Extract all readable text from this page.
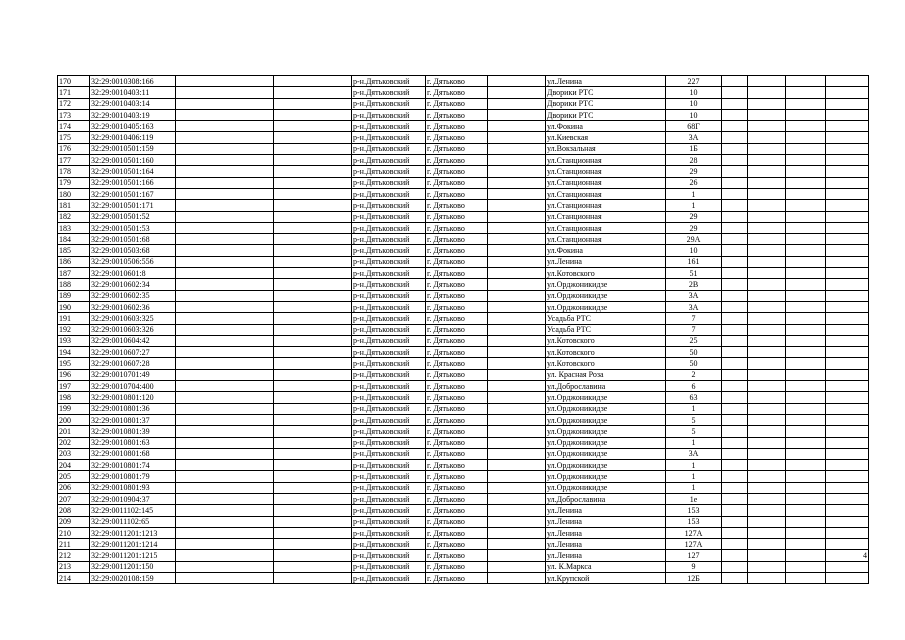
170	32:29:0010308:166			р-н.Дятьковский	г. Дятьково		ул.Ленина	227				
171	32:29:0010403:11			р-н.Дятьковский	г. Дятьково		Дворики РТС	10				
172	32:29:0010403:14			р-н.Дятьковский	г. Дятьково		Дворики РТС	10				
173	32:29:0010403:19			р-н.Дятьковский	г. Дятьково		Дворики РТС	10				
174	32:29:0010405:163			р-н.Дятьковский	г. Дятьково		ул.Фокина	68Г				
175	32:29:0010406:119			р-н.Дятьковский	г. Дятьково		ул.Киевская	3А				
176	32:29:0010501:159			р-н.Дятьковский	г. Дятьково		ул.Вокзальная	1Б				
177	32:29:0010501:160			р-н.Дятьковский	г. Дятьково		ул.Станционная	28				
178	32:29:0010501:164			р-н.Дятьковский	г. Дятьково		ул.Станционная	29				
179	32:29:0010501:166			р-н.Дятьковский	г. Дятьково		ул.Станционная	26				
180	32:29:0010501:167			р-н.Дятьковский	г. Дятьково		ул.Станционная	1				
181	32:29:0010501:171			р-н.Дятьковский	г. Дятьково		ул.Станционная	1				
182	32:29:0010501:52			р-н.Дятьковский	г. Дятьково		ул.Станционная	29				
183	32:29:0010501:53			р-н.Дятьковский	г. Дятьково		ул.Станционная	29				
184	32:29:0010501:68			р-н.Дятьковский	г. Дятьково		ул.Станционная	29А				
185	32:29:0010503:68			р-н.Дятьковский	г. Дятьково		ул.Фокина	10				
186	32:29:0010506:556			р-н.Дятьковский	г. Дятьково		ул.Ленина	161				
187	32:29:0010601:8			р-н.Дятьковский	г. Дятьково		ул.Котовского	51				
188	32:29:0010602:34			р-н.Дятьковский	г. Дятьково		ул.Орджоникидзе	2В				
189	32:29:0010602:35			р-н.Дятьковский	г. Дятьково		ул.Орджоникидзе	3А				
190	32:29:0010602:36			р-н.Дятьковский	г. Дятьково		ул.Орджоникидзе	3А				
191	32:29:0010603:325			р-н.Дятьковский	г. Дятьково		Усадьба РТС	7				
192	32:29:0010603:326			р-н.Дятьковский	г. Дятьково		Усадьба РТС	7				
193	32:29:0010604:42			р-н.Дятьковский	г. Дятьково		ул.Котовского	25				
194	32:29:0010607:27			р-н.Дятьковский	г. Дятьково		ул.Котовского	50				
195	32:29:0010607:28			р-н.Дятьковский	г. Дятьково		ул.Котовского	50				
196	32:29:0010701:49			р-н.Дятьковский	г. Дятьково		ул. Красная Роза	2				
197	32:29:0010704:400			р-н.Дятьковский	г. Дятьково		ул.Доброславина	6				
198	32:29:0010801:120			р-н.Дятьковский	г. Дятьково		ул.Орджоникидзе	63				
199	32:29:0010801:36			р-н.Дятьковский	г. Дятьково		ул.Орджоникидзе	1				
200	32:29:0010801:37			р-н.Дятьковский	г. Дятьково		ул.Орджоникидзе	5				
201	32:29:0010801:39			р-н.Дятьковский	г. Дятьково		ул.Орджоникидзе	5				
202	32:29:0010801:63			р-н.Дятьковский	г. Дятьково		ул.Орджоникидзе	1				
203	32:29:0010801:68			р-н.Дятьковский	г. Дятьково		ул.Орджоникидзе	3А				
204	32:29:0010801:74			р-н.Дятьковский	г. Дятьково		ул.Орджоникидзе	1				
205	32:29:0010801:79			р-н.Дятьковский	г. Дятьково		ул.Орджоникидзе	1				
206	32:29:0010801:93			р-н.Дятьковский	г. Дятьково		ул.Орджоникидзе	1				
207	32:29:0010904:37			р-н.Дятьковский	г. Дятьково		ул.Доброславина	1е				
208	32:29:0011102:145			р-н.Дятьковский	г. Дятьково		ул.Ленина	153				
209	32:29:0011102:65			р-н.Дятьковский	г. Дятьково		ул.Ленина	153				
210	32:29:0011201:1213			р-н.Дятьковский	г. Дятьково		ул.Ленина	127А				
211	32:29:0011201:1214			р-н.Дятьковский	г. Дятьково		ул.Ленина	127А				
212	32:29:0011201:1215			р-н.Дятьковский	г. Дятьково		ул.Ленина	127				4
213	32:29:0011201:150			р-н.Дятьковский	г. Дятьково		ул. К.Маркса	9				
214	32:29:0020108:159			р-н.Дятьковский	г. Дятьково		ул.Крупской	12Б				
